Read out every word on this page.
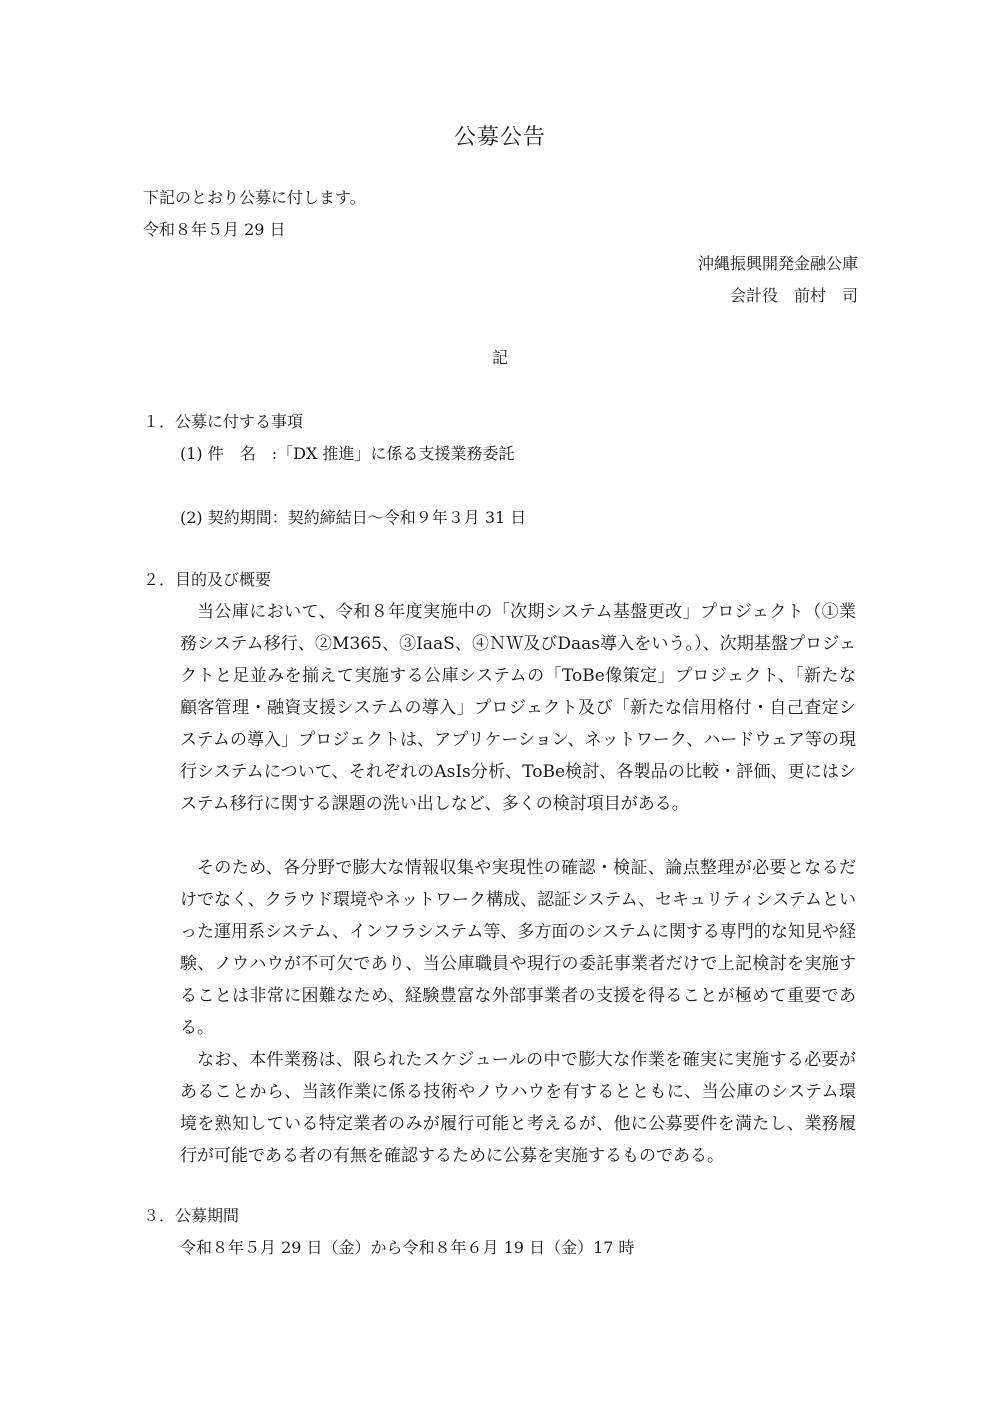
公募公告
下記のとおり公募に付します。
令和８年５月 29 日
沖縄振興開発金融公庫
会計役　前村　司
記
１．公募に付する事項
(1) 件　名　:「DX 推進」に係る支援業務委託
(2) 契約期間：契約締結日～令和９年３月 31 日
２．目的及び概要
当公庫において、令和８年度実施中の「次期システム基盤更改」プロジェクト（①業務システム移行、②M365、③IaaS、④ＮＷ及びDaas導入をいう。）、次期基盤プロジェクトと足並みを揃えて実施する公庫システムの「ToBe像策定」プロジェクト、「新たな顧客管理・融資支援システムの導入」プロジェクト及び「新たな信用格付・自己査定システムの導入」プロジェクトは、アプリケーション、ネットワーク、ハードウェア等の現行システムについて、それぞれのAsIs分析、ToBe検討、各製品の比較・評価、更にはシステム移行に関する課題の洗い出しなど、多くの検討項目がある。
そのため、各分野で膨大な情報収集や実現性の確認・検証、論点整理が必要となるだけでなく、クラウド環境やネットワーク構成、認証システム、セキュリティシステムといった運用系システム、インフラシステム等、多方面のシステムに関する専門的な知見や経験、ノウハウが不可欠であり、当公庫職員や現行の委託事業者だけで上記検討を実施することは非常に困難なため、経験豊富な外部事業者の支援を得ることが極めて重要である。
なお、本件業務は、限られたスケジュールの中で膨大な作業を確実に実施する必要があることから、当該作業に係る技術やノウハウを有するとともに、当公庫のシステム環境を熟知している特定業者のみが履行可能と考えるが、他に公募要件を満たし、業務履行が可能である者の有無を確認するために公募を実施するものである。
３．公募期間
令和８年５月 29 日（金）から令和８年６月 19 日（金）17 時
